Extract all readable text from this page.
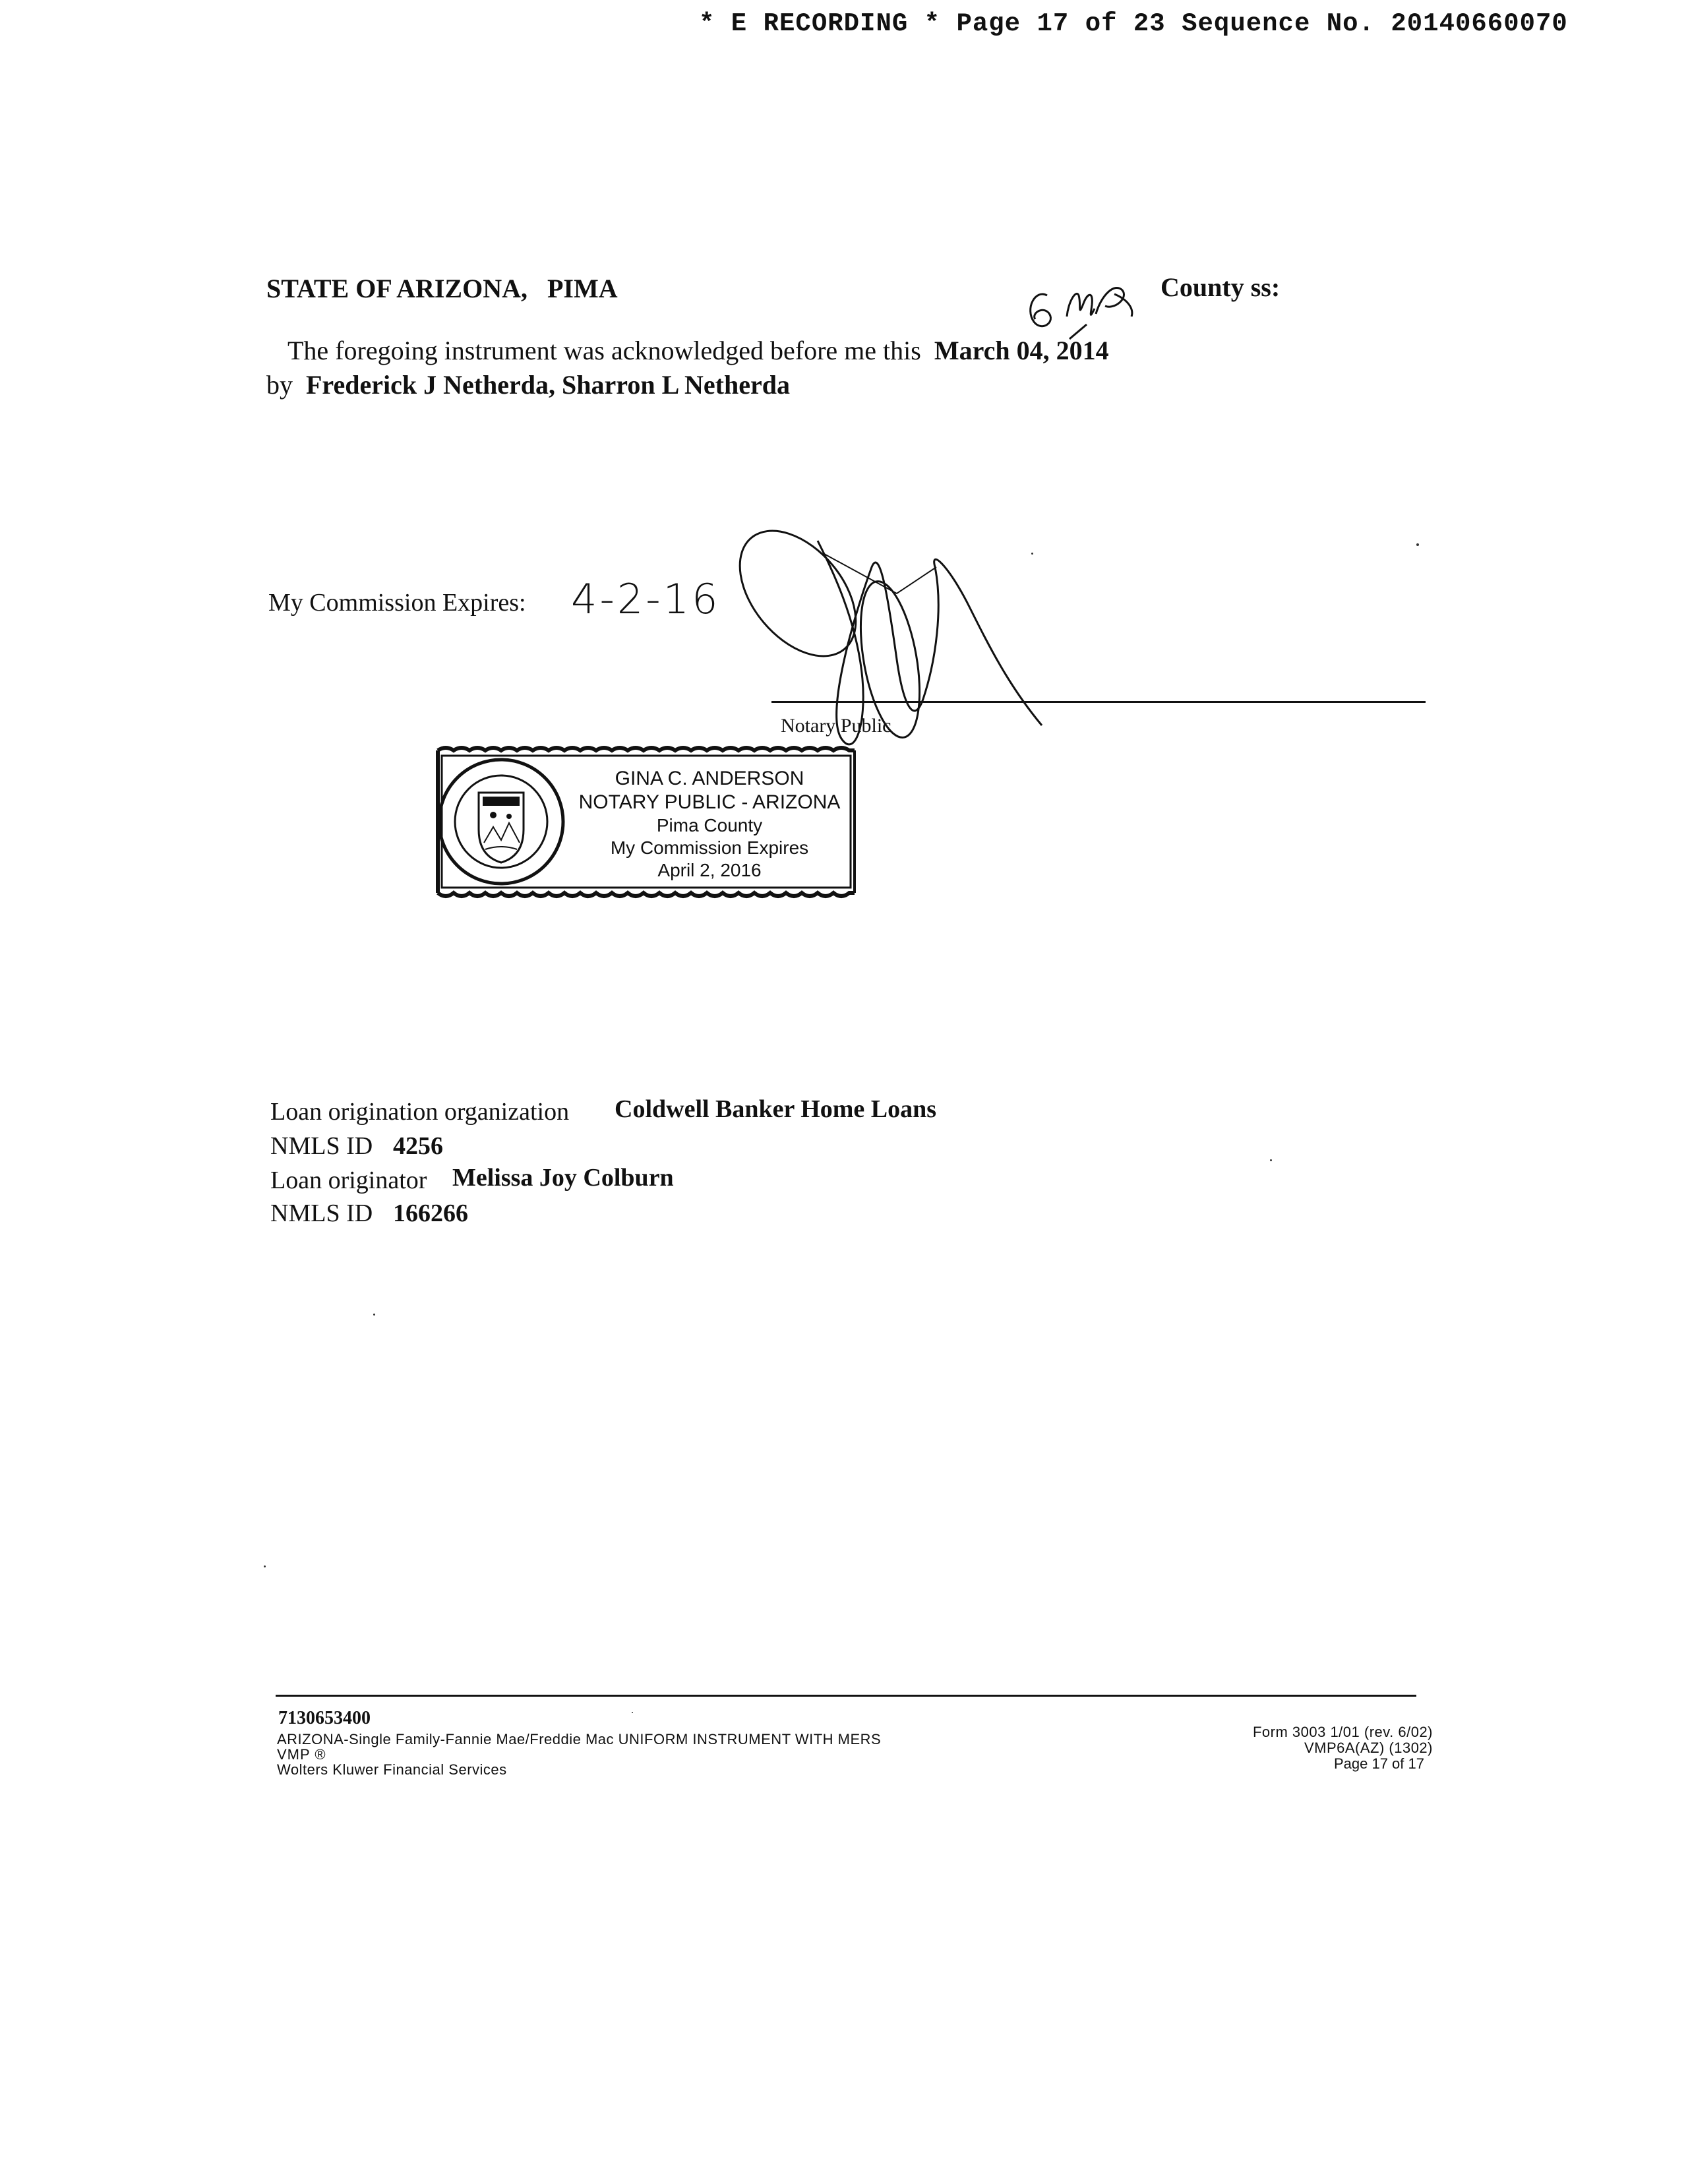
* E RECORDING * Page 17 of 23 Sequence No. 20140660070
STATE OF ARIZONA, PIMA	County ss:
The foregoing instrument was acknowledged before me this March 04, 2014
by Frederick J Netherda, Sharron L Netherda
My Commission Expires: 4-2-16
Notary Public
GINA C. ANDERSON
NOTARY PUBLIC - ARIZONA
Pima County
My Commission Expires
April 2, 2016
Loan origination organization Coldwell Banker Home Loans
NMLS ID 4256
Loan originator Melissa Joy Colburn
NMLS ID 166266
7130653400
ARIZONA-Single Family-Fannie Mae/Freddie Mac UNIFORM INSTRUMENT WITH MERS
VMP ®
Wolters Kluwer Financial Services
Form 3003 1/01 (rev. 6/02)
VMP6A(AZ) (1302)
Page 17 of 17
